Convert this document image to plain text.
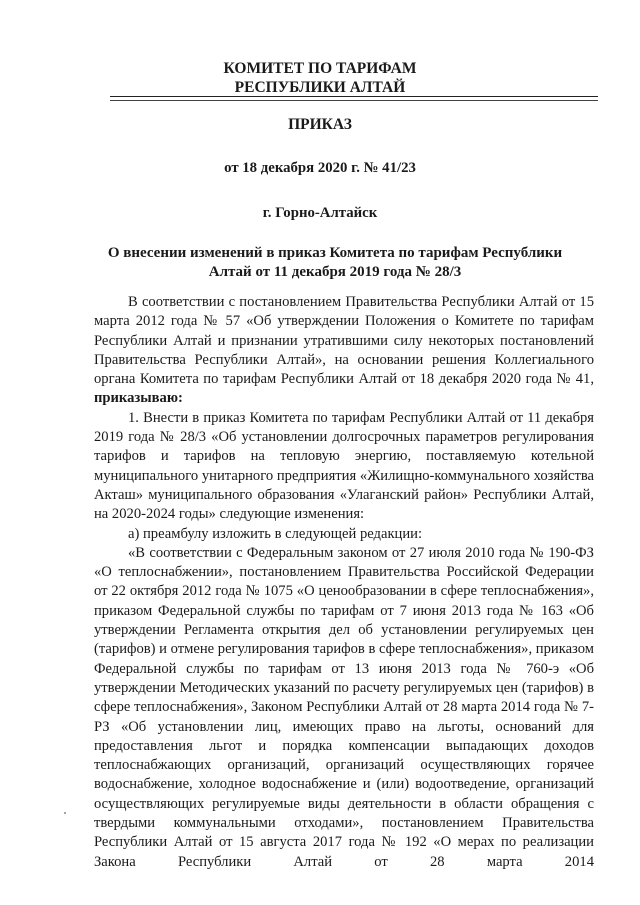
КОМИТЕТ ПО ТАРИФАМ
РЕСПУБЛИКИ АЛТАЙ
ПРИКАЗ
от 18 декабря 2020 г. № 41/23
г. Горно-Алтайск
О внесении изменений в приказ Комитета по тарифам Республики Алтай от 11 декабря 2019 года № 28/3

В соответствии с постановлением Правительства Республики Алтай от 15 марта 2012 года № 57 «Об утверждении Положения о Комитете по тарифам Республики Алтай и признании утратившими силу некоторых постановлений Правительства Республики Алтай», на основании решения Коллегиального органа Комитета по тарифам Республики Алтай от 18 декабря 2020 года № 41, приказываю:

1. Внести в приказ Комитета по тарифам Республики Алтай от 11 декабря 2019 года № 28/3 «Об установлении долгосрочных параметров регулирования тарифов и тарифов на тепловую энергию, поставляемую котельной муниципального унитарного предприятия «Жилищно-коммунального хозяйства Акташ» муниципального образования «Улаганский район» Республики Алтай, на 2020-2024 годы» следующие изменения:

а) преамбулу изложить в следующей редакции:

«В соответствии с Федеральным законом от 27 июля 2010 года № 190-ФЗ «О теплоснабжении», постановлением Правительства Российской Федерации от 22 октября 2012 года № 1075 «О ценообразовании в сфере теплоснабжения», приказом Федеральной службы по тарифам от 7 июня 2013 года № 163 «Об утверждении Регламента открытия дел об установлении регулируемых цен (тарифов) и отмене регулирования тарифов в сфере теплоснабжения», приказом Федеральной службы по тарифам от 13 июня 2013 года № 760-э «Об утверждении Методических указаний по расчету регулируемых цен (тарифов) в сфере теплоснабжения», Законом Республики Алтай от 28 марта 2014 года № 7-РЗ «Об установлении лиц, имеющих право на льготы, оснований для предоставления льгот и порядка компенсации выпадающих доходов теплоснабжающих организаций, организаций осуществляющих горячее водоснабжение, холодное водоснабжение и (или) водоотведение, организаций осуществляющих регулируемые виды деятельности в области обращения с твердыми коммунальными отходами», постановлением Правительства Республики Алтай от 15 августа 2017 года № 192 «О мерах по реализации Закона Республики Алтай от 28 марта 2014
